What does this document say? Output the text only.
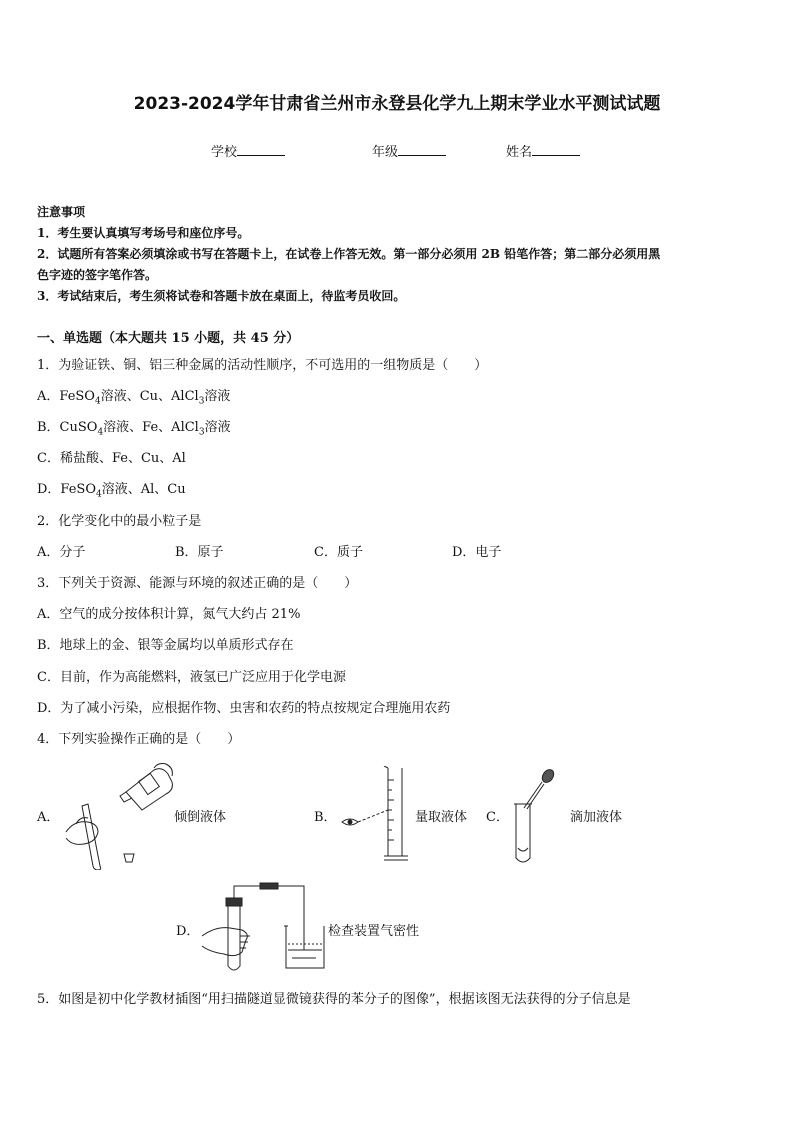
2023-2024学年甘肃省兰州市永登县化学九上期末学业水平测试试题
学校	年级	姓名
注意事项
1．考生要认真填写考场号和座位序号。
2．试题所有答案必须填涂或书写在答题卡上，在试卷上作答无效。第一部分必须用 2B 铅笔作答；第二部分必须用黑
色字迹的签字笔作答。
3．考试结束后，考生须将试卷和答题卡放在桌面上，待监考员收回。
一、单选题（本大题共 15 小题，共 45 分）
1．为验证铁、铜、铝三种金属的活动性顺序，不可选用的一组物质是（　　）
A．FeSO$_4$溶液、Cu、AlCl$_3$溶液
B．CuSO$_4$溶液、Fe、AlCl$_3$溶液
C．稀盐酸、Fe、Cu、Al
D．FeSO$_4$溶液、Al、Cu
2．化学变化中的最小粒子是
A．分子	B．原子	C．质子	D．电子
3．下列关于资源、能源与环境的叙述正确的是（　　）
A．空气的成分按体积计算，氮气大约占 21%
B．地球上的金、银等金属均以单质形式存在
C．目前，作为高能燃料，液氢已广泛应用于化学电源
D．为了减小污染，应根据作物、虫害和农药的特点按规定合理施用农药
4．下列实验操作正确的是（　　）
A．	倾倒液体	B．	量取液体 C．	滴加液体
D．	检查装置气密性
5．如图是初中化学教材插图“用扫描隧道显微镜获得的苯分子的图像”，根据该图无法获得的分子信息是
